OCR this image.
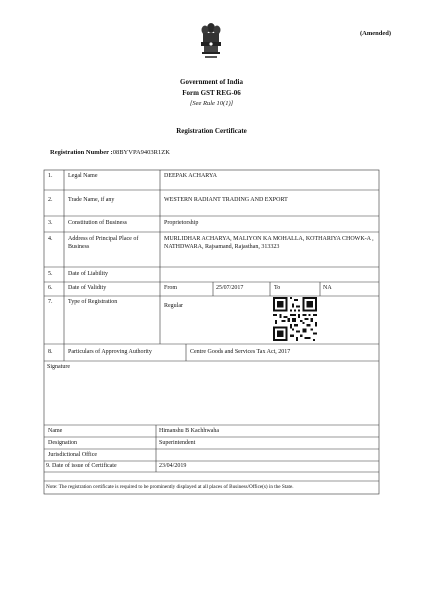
(Amended)
Government of India
Form GST REG-06
[See Rule 10(1)]
Registration Certificate
Registration Number :08BYVPA9403R1ZK
1.	Legal Name	DEEPAK ACHARYA
2.	Trade Name, if any	WESTERN RADIANT TRADING AND EXPORT
3.	Constitution of Business	Proprietorship
4.	Address of Principal Place of Business
MURLIDHAR ACHARYA, MALIYON KA MOHALLA, KOTHARIYA CHOWK-A , NATHDWARA, Rajsamand, Rajasthan, 313323
5.	Date of Liability
6.	Date of Validity	From	25/07/2017	To	NA
7.	Type of Registration
Regular
8.	Particulars of Approving Authority	Centre Goods and Services Tax Act, 2017
Signature
Name	Himanshu B Kachhwaha
Designation	Superintendent
Jurisdictional Office
9. Date of issue of Certificate	23/04/2019
Note: The registration certificate is required to be prominently displayed at all places of Business/Office(s) in the State.
